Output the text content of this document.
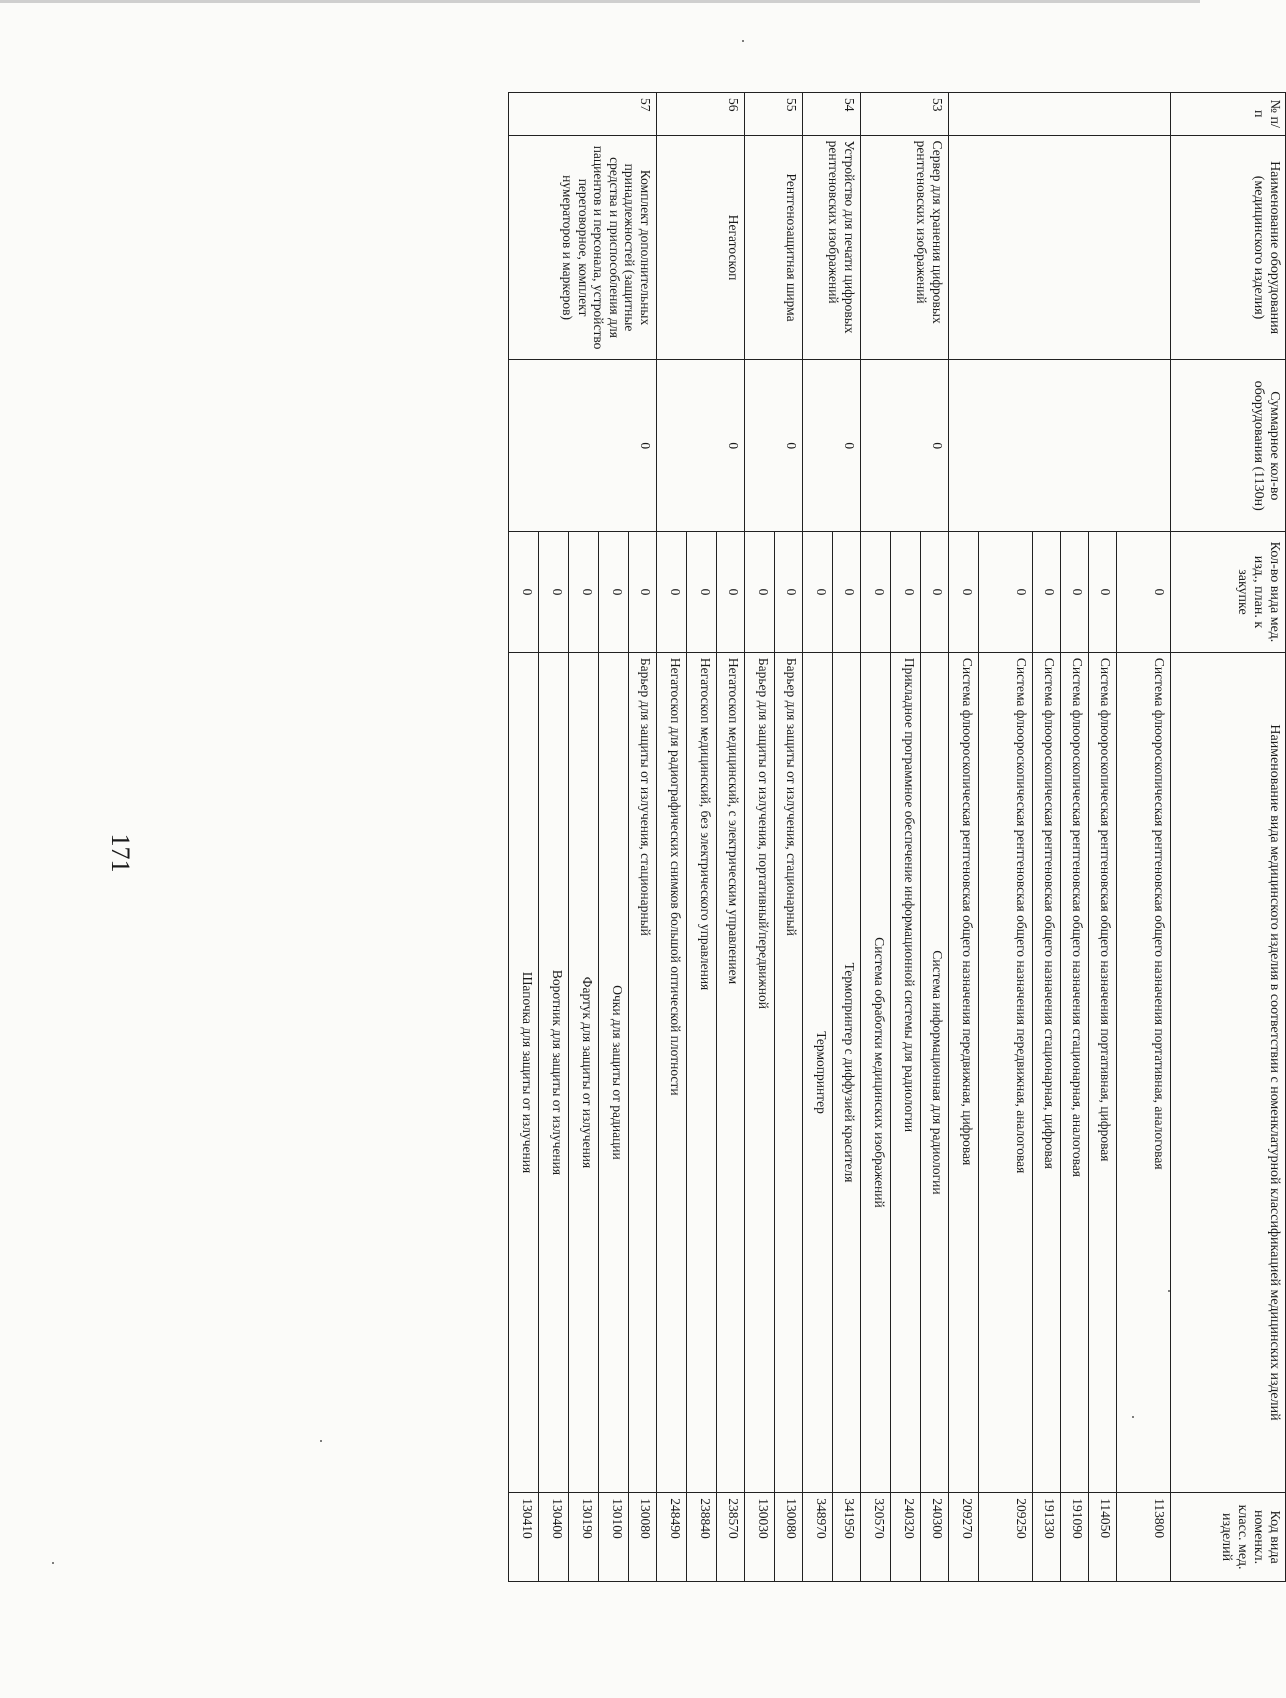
171
№ п/п	Наименование оборудования (медицинского изделия)	Суммарное кол-во оборудования (1130н)	Кол-во вида мед. изд., план. к закупке	Наименование вида медицинского изделия в соответствии с номенклатурной классификацией медицинских изделий	Код вида номенкл. класс. мед. изделий
			0	Система флюороскопическая рентгеновская общего назначения портативная, аналоговая	113800
			0	Система флюороскопическая рентгеновская общего назначения портативная, цифровая	114050
			0	Система флюороскопическая рентгеновская общего назначения стационарная, аналоговая	191090
			0	Система флюороскопическая рентгеновская общего назначения стационарная, цифровая	191330
			0	Система флюороскопическая рентгеновская общего назначения передвижная, аналоговая	209250
			0	Система флюороскопическая рентгеновская общего назначения передвижная, цифровая	209270
53	Сервер для хранения цифровых рентгеновских изображений	0	0	Система информационная для радиологии	240300
			0	Прикладное программное обеспечение информационной системы для радиологии	240320
			0	Система обработки медицинских изображений	320570
54	Устройство для печати цифровых рентгеновских изображений	0	0	Термопринтер с диффузией красителя	341950
			0	Термопринтер	348970
55	Рентгенозащитная ширма	0	0	Барьер для защиты от излучения, стационарный	130080
			0	Барьер для защиты от излучения, портативный/передвижной	130030
56	Негатоскоп	0	0	Негатоскоп медицинский, с электрическим управлением	238570
			0	Негатоскоп медицинский, без электрического управления	238840
			0	Негатоскоп для радиографических снимков большой оптической плотности	248490
57	Комплект дополнительных принадлежностей (защитные средства и приспособления для пациентов и персонала, устройство переговорное, комплект нумераторов и маркеров)	0	0	Барьер для защиты от излучения, стационарный	130080
			0	Очки для защиты от радиации	130100
			0	Фартук для защиты от излучения	130190
			0	Воротник для защиты от излучения	130400
			0	Шапочка для защиты от излучения	130410
